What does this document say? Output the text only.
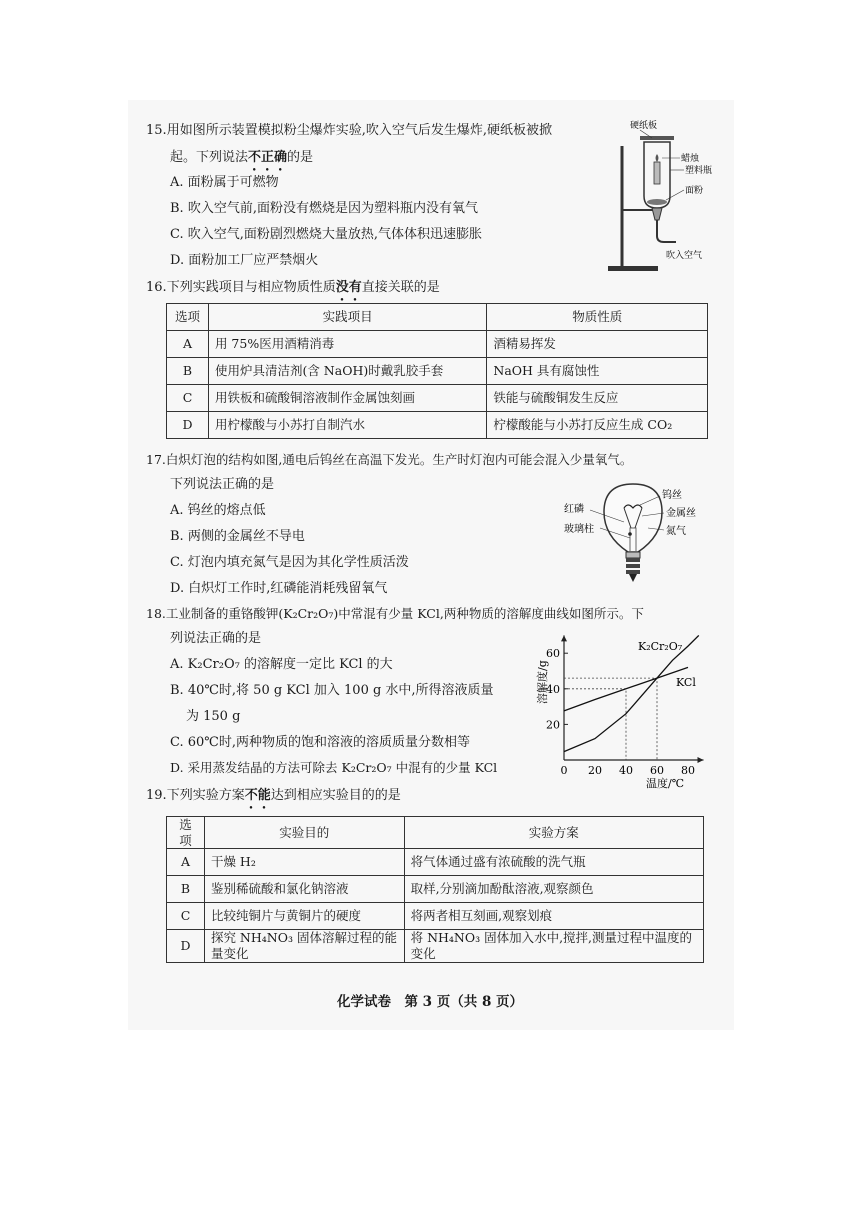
15.用如图所示装置模拟粉尘爆炸实验,吹入空气后发生爆炸,硬纸板被掀
起。下列说法不正确的是
A. 面粉属于可燃物
B. 吹入空气前,面粉没有燃烧是因为塑料瓶内没有氧气
C. 吹入空气,面粉剧烈燃烧大量放热,气体体积迅速膨胀
D. 面粉加工厂应严禁烟火
硬纸板
蜡烛
塑料瓶
面粉
吹入空气
16.下列实践项目与相应物质性质没有直接关联的是
选项	实践项目	物质性质
A	用 75%医用酒精消毒	酒精易挥发
B	使用炉具清洁剂(含 NaOH)时戴乳胶手套	NaOH 具有腐蚀性
C	用铁板和硫酸铜溶液制作金属蚀刻画	铁能与硫酸铜发生反应
D	用柠檬酸与小苏打自制汽水	柠檬酸能与小苏打反应生成 CO₂
17.白炽灯泡的结构如图,通电后钨丝在高温下发光。生产时灯泡内可能会混入少量氧气。
下列说法正确的是
A. 钨丝的熔点低
B. 两侧的金属丝不导电
C. 灯泡内填充氮气是因为其化学性质活泼
D. 白炽灯工作时,红磷能消耗残留氧气
钨丝
金属丝
氮气
红磷
玻璃柱
18.工业制备的重铬酸钾(K₂Cr₂O₇)中常混有少量 KCl,两种物质的溶解度曲线如图所示。下
列说法正确的是
A. K₂Cr₂O₇ 的溶解度一定比 KCl 的大
B. 40℃时,将 50 g KCl 加入 100 g 水中,所得溶液质量
为 150 g
C. 60℃时,两种物质的饱和溶液的溶质质量分数相等
D. 采用蒸发结晶的方法可除去 K₂Cr₂O₇ 中混有的少量 KCl	0 20 40 60 80
20
40
60
温度/℃
溶解度/g
K₂Cr₂O₇
KCl
19.下列实验方案不能达到相应实验目的的是
选项	实验目的	实验方案
A	干燥 H₂	将气体通过盛有浓硫酸的洗气瓶
B	鉴别稀硫酸和氯化钠溶液	取样,分别滴加酚酞溶液,观察颜色
C	比较纯铜片与黄铜片的硬度	将两者相互刻画,观察划痕
D	探究 NH₄NO₃ 固体溶解过程的能量变化	将 NH₄NO₃ 固体加入水中,搅拌,测量过程中温度的变化
化学试卷　第 3 页（共 8 页）
